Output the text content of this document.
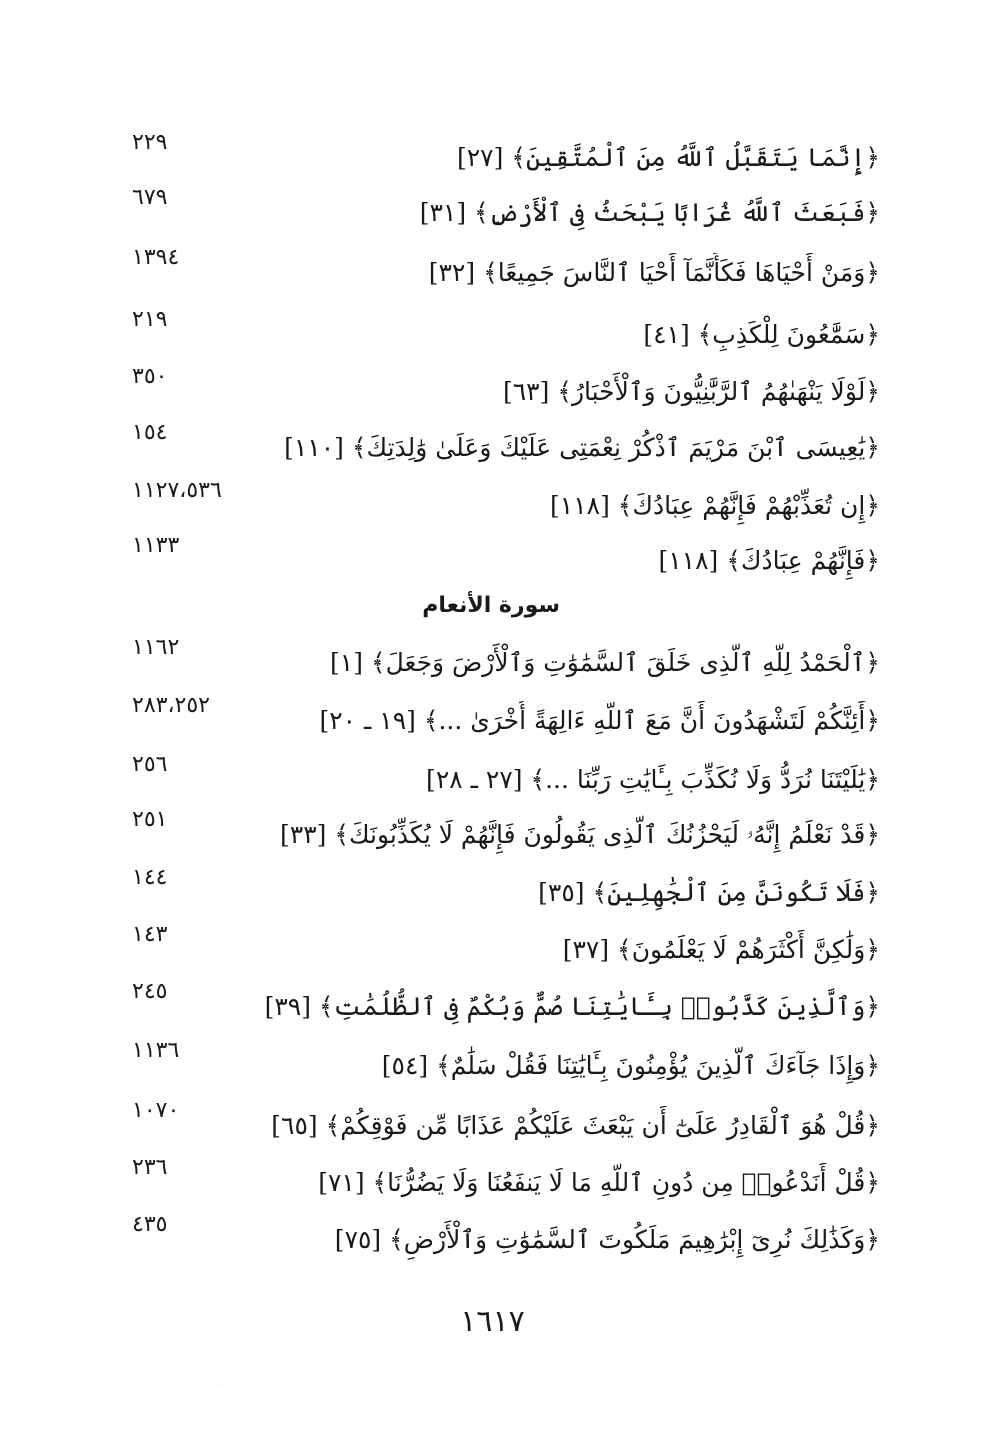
﴿إِنَّمَا يَتَقَبَّلُ ٱللَّهُ مِنَ ٱلْمُتَّقِينَ﴾ [٢٧]
٢٢٩
﴿فَبَعَثَ ٱللَّهُ غُرَابًا يَبْحَثُ فِى ٱلْأَرْضِ﴾ [٣١]
٦٧٩
﴿وَمَنْ أَحْيَاهَا فَكَأَنَّمَآ أَحْيَا ٱلنَّاسَ جَمِيعًا﴾ [٣٢]
١٣٩٤
﴿سَمَّٰعُونَ لِلْكَذِبِ﴾ [٤١]
٢١٩
﴿لَوْلَا يَنْهَىٰهُمُ ٱلرَّبَّٰنِيُّونَ وَٱلْأَحْبَارُ﴾ [٦٣]
٣٥٠
﴿يَٰعِيسَى ٱبْنَ مَرْيَمَ ٱذْكُرْ نِعْمَتِى عَلَيْكَ وَعَلَىٰ وَٰلِدَتِكَ﴾ [١١٠]
١٥٤
﴿إِن تُعَذِّبْهُمْ فَإِنَّهُمْ عِبَادُكَ﴾ [١١٨]
١١٢٧،٥٣٦
﴿فَإِنَّهُمْ عِبَادُكَ﴾ [١١٨]
١١٣٣
سورة الأنعام
﴿ٱلْحَمْدُ لِلَّهِ ٱلَّذِى خَلَقَ ٱلسَّمَٰوَٰتِ وَٱلْأَرْضَ وَجَعَلَ﴾ [١]
١١٦٢
﴿أَئِنَّكُمْ لَتَشْهَدُونَ أَنَّ مَعَ ٱللَّهِ ءَالِهَةً أُخْرَىٰ ...﴾ [١٩ ـ ٢٠]
٢٨٣،٢٥٢
﴿يَٰلَيْتَنَا نُرَدُّ وَلَا نُكَذِّبَ بِـَٔايَٰتِ رَبِّنَا ...﴾ [٢٧ ـ ٢٨]
٢٥٦
﴿قَدْ نَعْلَمُ إِنَّهُۥ لَيَحْزُنُكَ ٱلَّذِى يَقُولُونَ فَإِنَّهُمْ لَا يُكَذِّبُونَكَ﴾ [٣٣]
٢٥١
﴿فَلَا تَكُونَنَّ مِنَ ٱلْجَٰهِلِينَ﴾ [٣٥]
١٤٤
﴿وَلَٰكِنَّ أَكْثَرَهُمْ لَا يَعْلَمُونَ﴾ [٣٧]
١٤٣
﴿وَٱلَّذِينَ كَذَّبُوا۟ بِـَٔايَٰتِنَا صُمٌّ وَبُكْمٌ فِى ٱلظُّلُمَٰتِ﴾ [٣٩]
٢٤٥
﴿وَإِذَا جَآءَكَ ٱلَّذِينَ يُؤْمِنُونَ بِـَٔايَٰتِنَا فَقُلْ سَلَٰمٌ﴾ [٥٤]
١١٣٦
﴿قُلْ هُوَ ٱلْقَادِرُ عَلَىٰٓ أَن يَبْعَثَ عَلَيْكُمْ عَذَابًا مِّن فَوْقِكُمْ﴾ [٦٥]
١٠٧٠
﴿قُلْ أَنَدْعُوا۟ مِن دُونِ ٱللَّهِ مَا لَا يَنفَعُنَا وَلَا يَضُرُّنَا﴾ [٧١]
٢٣٦
﴿وَكَذَٰلِكَ نُرِىٓ إِبْرَٰهِيمَ مَلَكُوتَ ٱلسَّمَٰوَٰتِ وَٱلْأَرْضِ﴾ [٧٥]
٤٣٥
١٦١٧
